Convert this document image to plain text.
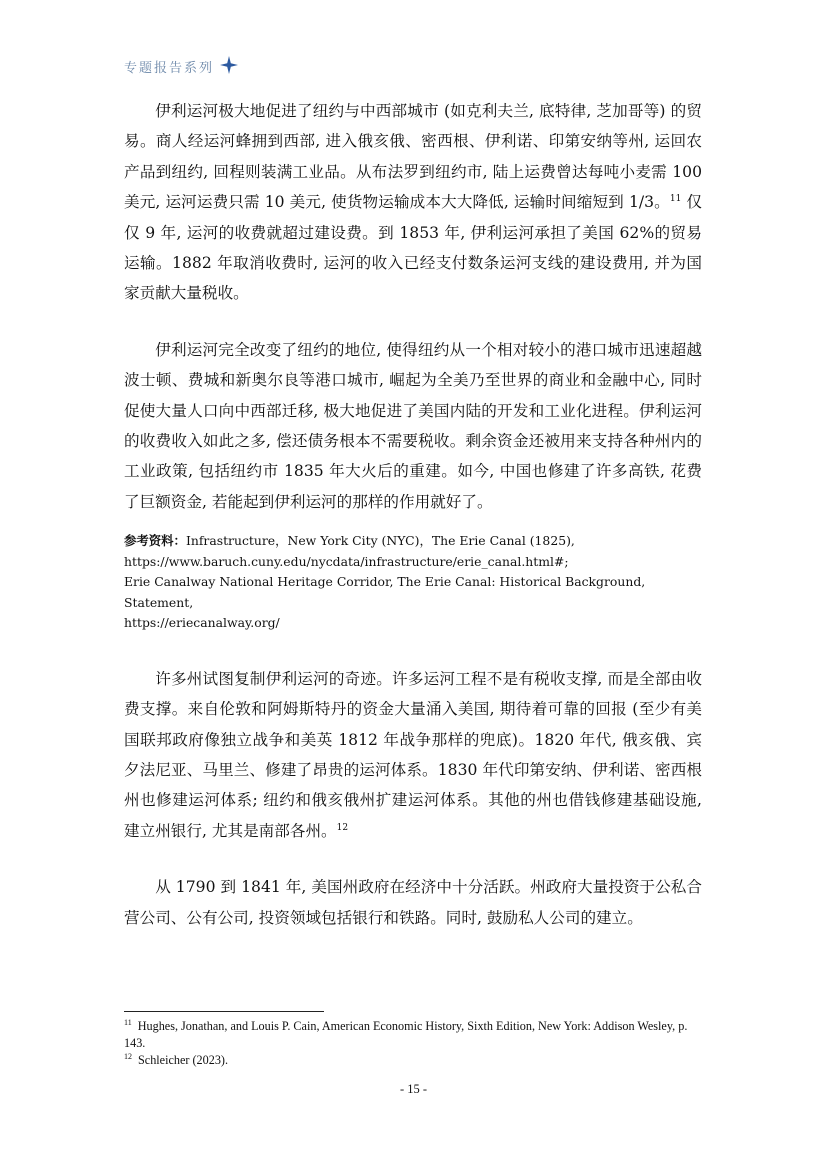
专题报告系列

伊利运河极大地促进了纽约与中西部城市 (如克利夫兰, 底特律, 芝加哥等) 的贸易。商人经运河蜂拥到西部, 进入俄亥俄、密西根、伊利诺、印第安纳等州, 运回农产品到纽约, 回程则装满工业品。从布法罗到纽约市, 陆上运费曾达每吨小麦需 100 美元, 运河运费只需 10 美元, 使货物运输成本大大降低, 运输时间缩短到 1/3。$^{11}$ 仅仅 9 年, 运河的收费就超过建设费。到 1853 年, 伊利运河承担了美国 62%的贸易运输。1882 年取消收费时, 运河的收入已经支付数条运河支线的建设费用, 并为国家贡献大量税收。

伊利运河完全改变了纽约的地位, 使得纽约从一个相对较小的港口城市迅速超越波士顿、费城和新奥尔良等港口城市, 崛起为全美乃至世界的商业和金融中心, 同时促使大量人口向中西部迁移, 极大地促进了美国内陆的开发和工业化进程。伊利运河的收费收入如此之多, 偿还债务根本不需要税收。剩余资金还被用来支持各种州内的工业政策, 包括纽约市 1835 年大火后的重建。如今, 中国也修建了许多高铁, 花费了巨额资金, 若能起到伊利运河的那样的作用就好了。

参考资料：Infrastructure，New York City (NYC)，The Erie Canal (1825),
https://www.baruch.cuny.edu/nycdata/infrastructure/erie_canal.html#;
Erie Canalway National Heritage Corridor, The Erie Canal: Historical Background, Statement,
https://eriecanalway.org/

许多州试图复制伊利运河的奇迹。许多运河工程不是有税收支撑, 而是全部由收费支撑。来自伦敦和阿姆斯特丹的资金大量涌入美国, 期待着可靠的回报 (至少有美国联邦政府像独立战争和美英 1812 年战争那样的兜底)。1820 年代, 俄亥俄、宾夕法尼亚、马里兰、修建了昂贵的运河体系。1830 年代印第安纳、伊利诺、密西根州也修建运河体系; 纽约和俄亥俄州扩建运河体系。其他的州也借钱修建基础设施, 建立州银行, 尤其是南部各州。$^{12}$

从 1790 到 1841 年, 美国州政府在经济中十分活跃。州政府大量投资于公私合营公司、公有公司, 投资领域包括银行和铁路。同时, 鼓励私人公司的建立。

$^{11}$ Hughes, Jonathan, and Louis P. Cain, American Economic History, Sixth Edition, New York: Addison Wesley, p. 143.
$^{12}$ Schleicher (2023).
- 15 -
